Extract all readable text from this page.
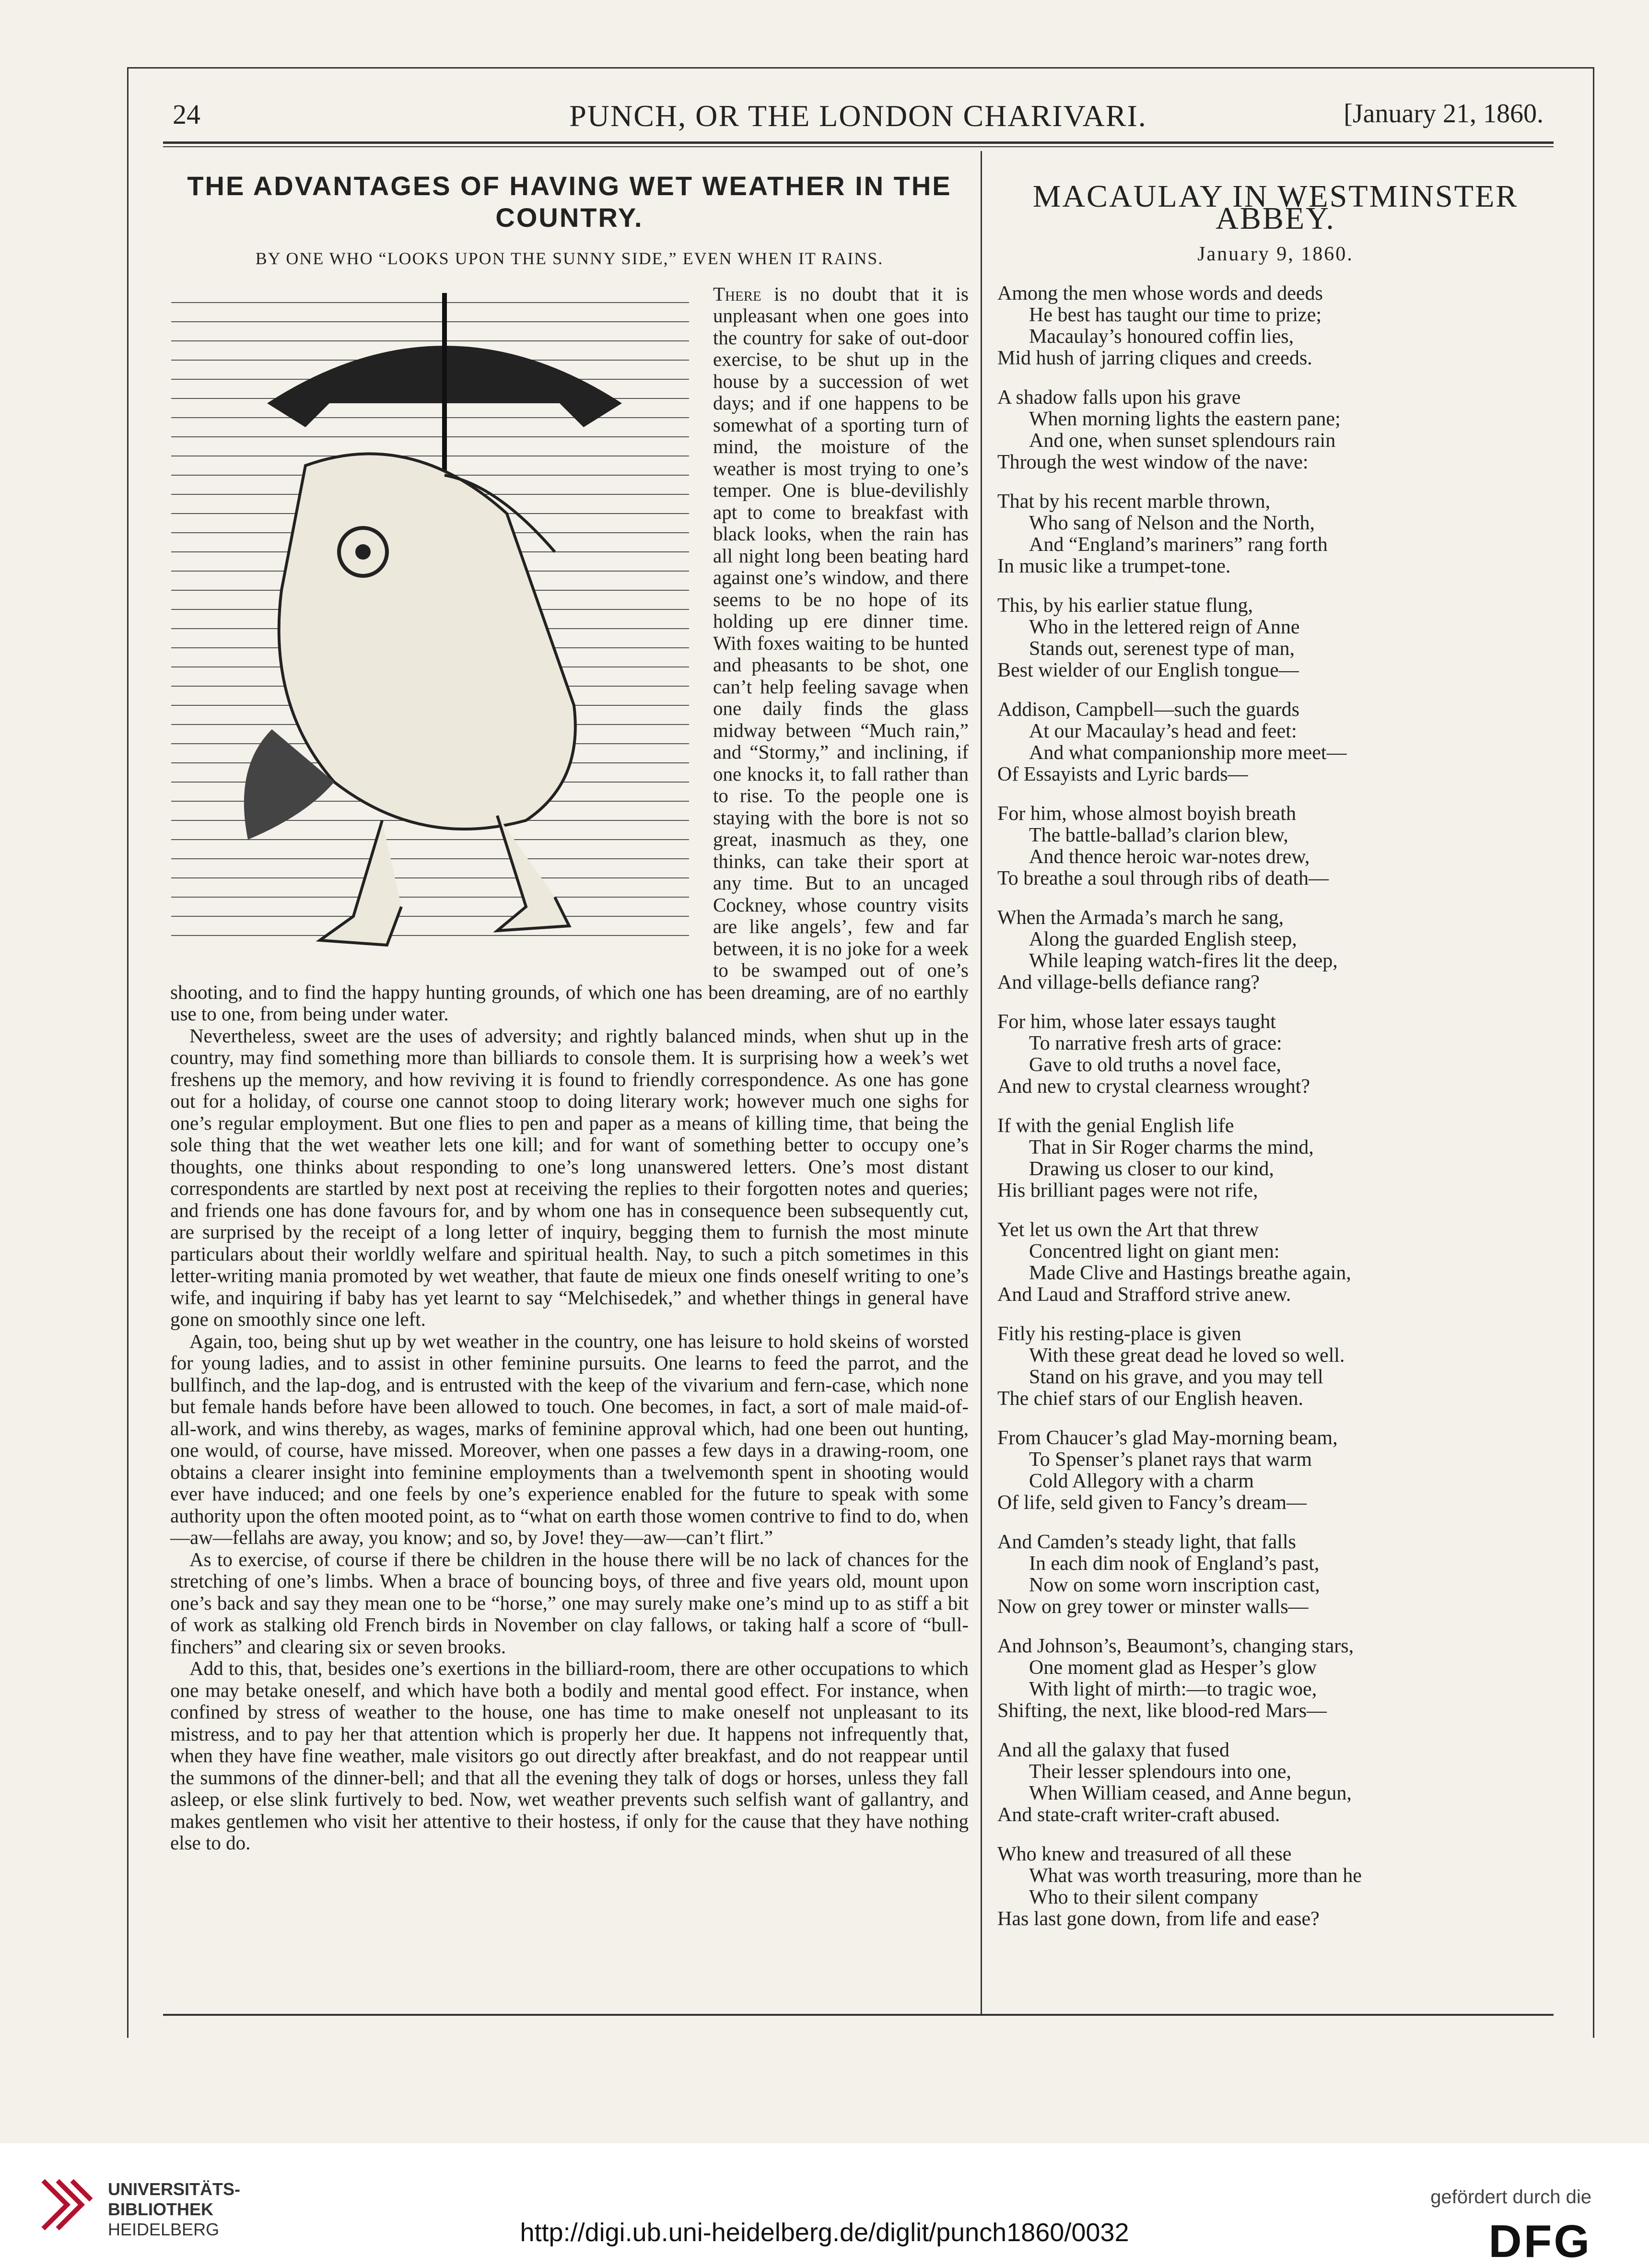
24	PUNCH, OR THE LONDON CHARIVARI.	[January 21, 1860.
THE ADVANTAGES OF HAVING WET WEATHER IN THE COUNTRY.
BY ONE WHO “LOOKS UPON THE SUNNY SIDE,” EVEN WHEN IT RAINS.

There is no doubt that it is unpleasant when one goes into the country for sake of out-door exercise, to be shut up in the house by a succession of wet days; and if one happens to be somewhat of a sporting turn of mind, the moisture of the weather is most trying to one’s temper. One is blue-devilishly apt to come to breakfast with black looks, when the rain has all night long been beating hard against one’s window, and there seems to be no hope of its holding up ere dinner time. With foxes waiting to be hunted and pheasants to be shot, one can’t help feeling savage when one daily finds the glass midway between “Much rain,” and “Stormy,” and inclining, if one knocks it, to fall rather than to rise. To the people one is staying with the bore is not so great, inasmuch as they, one thinks, can take their sport at any time. But to an uncaged Cockney, whose country visits are like angels’, few and far between, it is no joke for a week to be swamped out of one’s shooting, and to find the happy hunting grounds, of which one has been dreaming, are of no earthly use to one, from being under water.

Nevertheless, sweet are the uses of adversity; and rightly balanced minds, when shut up in the country, may find something more than billiards to console them. It is surprising how a week’s wet freshens up the memory, and how reviving it is found to friendly correspondence. As one has gone out for a holiday, of course one cannot stoop to doing literary work; however much one sighs for one’s regular employment. But one flies to pen and paper as a means of killing time, that being the sole thing that the wet weather lets one kill; and for want of something better to occupy one’s thoughts, one thinks about responding to one’s long unanswered letters. One’s most distant correspondents are startled by next post at receiving the replies to their forgotten notes and queries; and friends one has done favours for, and by whom one has in consequence been subsequently cut, are surprised by the receipt of a long letter of inquiry, begging them to furnish the most minute particulars about their worldly welfare and spiritual health. Nay, to such a pitch sometimes in this letter-writing mania promoted by wet weather, that faute de mieux one finds oneself writing to one’s wife, and inquiring if baby has yet learnt to say “Melchisedek,” and whether things in general have gone on smoothly since one left.

Again, too, being shut up by wet weather in the country, one has leisure to hold skeins of worsted for young ladies, and to assist in other feminine pursuits. One learns to feed the parrot, and the bullfinch, and the lap-dog, and is entrusted with the keep of the vivarium and fern-case, which none but female hands before have been allowed to touch. One becomes, in fact, a sort of male maid-of-all-work, and wins thereby, as wages, marks of feminine approval which, had one been out hunting, one would, of course, have missed. Moreover, when one passes a few days in a drawing-room, one obtains a clearer insight into feminine employments than a twelvemonth spent in shooting would ever have induced; and one feels by one’s experience enabled for the future to speak with some authority upon the often mooted point, as to “what on earth those women contrive to find to do, when—aw—fellahs are away, you know; and so, by Jove! they—aw—can’t flirt.”

As to exercise, of course if there be children in the house there will be no lack of chances for the stretching of one’s limbs. When a brace of bouncing boys, of three and five years old, mount upon one’s back and say they mean one to be “horse,” one may surely make one’s mind up to as stiff a bit of work as stalking old French birds in November on clay fallows, or taking half a score of “bull-finchers” and clearing six or seven brooks.

Add to this, that, besides one’s exertions in the billiard-room, there are other occupations to which one may betake oneself, and which have both a bodily and mental good effect. For instance, when confined by stress of weather to the house, one has time to make oneself not unpleasant to its mistress, and to pay her that attention which is properly her due. It happens not infrequently that, when they have fine weather, male visitors go out directly after breakfast, and do not reappear until the summons of the dinner-bell; and that all the evening they talk of dogs or horses, unless they fall asleep, or else slink furtively to bed. Now, wet weather prevents such selfish want of gallantry, and makes gentlemen who visit her attentive to their hostess, if only for the cause that they have nothing else to do.

MACAULAY IN WESTMINSTER ABBEY.
January 9, 1860.
Among the men whose words and deeds
He best has taught our time to prize;
Macaulay’s honoured coffin lies,
Mid hush of jarring cliques and creeds.
A shadow falls upon his grave
When morning lights the eastern pane;
And one, when sunset splendours rain
Through the west window of the nave:
That by his recent marble thrown,
Who sang of Nelson and the North,
And “England’s mariners” rang forth
In music like a trumpet-tone.
This, by his earlier statue flung,
Who in the lettered reign of Anne
Stands out, serenest type of man,
Best wielder of our English tongue—
Addison, Campbell—such the guards
At our Macaulay’s head and feet:
And what companionship more meet—
Of Essayists and Lyric bards—
For him, whose almost boyish breath
The battle-ballad’s clarion blew,
And thence heroic war-notes drew,
To breathe a soul through ribs of death—
When the Armada’s march he sang,
Along the guarded English steep,
While leaping watch-fires lit the deep,
And village-bells defiance rang?
For him, whose later essays taught
To narrative fresh arts of grace:
Gave to old truths a novel face,
And new to crystal clearness wrought?
If with the genial English life
That in Sir Roger charms the mind,
Drawing us closer to our kind,
His brilliant pages were not rife,
Yet let us own the Art that threw
Concentred light on giant men:
Made Clive and Hastings breathe again,
And Laud and Strafford strive anew.
Fitly his resting-place is given
With these great dead he loved so well.
Stand on his grave, and you may tell
The chief stars of our English heaven.
From Chaucer’s glad May-morning beam,
To Spenser’s planet rays that warm
Cold Allegory with a charm
Of life, seld given to Fancy’s dream—
And Camden’s steady light, that falls
In each dim nook of England’s past,
Now on some worn inscription cast,
Now on grey tower or minster walls—
And Johnson’s, Beaumont’s, changing stars,
One moment glad as Hesper’s glow
With light of mirth:—to tragic woe,
Shifting, the next, like blood-red Mars—
And all the galaxy that fused
Their lesser splendours into one,
When William ceased, and Anne begun,
And state-craft writer-craft abused.
Who knew and treasured of all these
What was worth treasuring, more than he
Who to their silent company
Has last gone down, from life and ease?
UNIVERSITÄTS-
BIBLIOTHEK
HEIDELBERG	http://digi.ub.uni-heidelberg.de/diglit/punch1860/0032
gefördert durch die
DFG
